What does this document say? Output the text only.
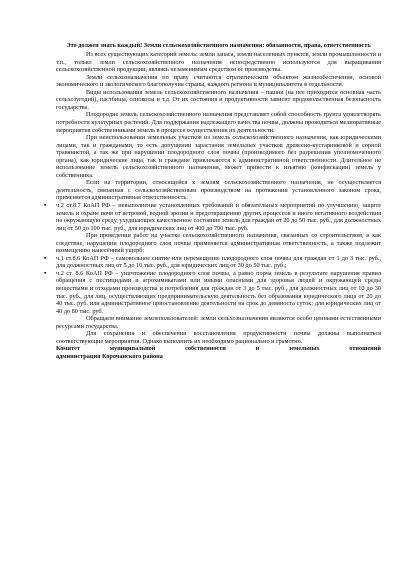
Это должен знать каждый! Земли сельскохозяйственного назначения: обязанности, права, ответственность

Из всех существующих категорий земель: земли запаса, земли населенных пунктов, земли промышленности и т.п., только земли сельскохозяйственного назначения непосредственно используются для выращивания сельскохозяйственной продукции, являясь незаменимым средством ее производства.

Земли сельхозназначения по праву считаются стратегическим объектом жизнеобеспечения, основой экономического и экологического благополучия страны, каждого региона и муниципалитета в отдельности.

Виды использования земель сельскохозяйственного назначения – пашня (на нее приходится основная часть сельхозугодий), пастбища, сенокосы и т.д. От их состояния и продуктивности зависит продовольственная безопасность государства.

Плодородие земель сельскохозяйственного назначения представляет собой способность грунта удовлетворять потребности культурных растений. Для поддержания надлежащего качества почвы, должны проводиться мелиоративные мероприятия собственниками земель в процессе осуществления их деятельности.

При неиспользовании земельных участков из земель сельскохозяйственного назначения, как юридическими лицами, так и гражданами, то есть допущении зарастания земельных участков древесно-кустарниковой и сорной травянистой, а так же при нарушении плодородного слоя почвы (производимого без разрешения уполномоченного органа), как юридические лица, так и граждане привлекаются к административной ответственности. Длительное не использование земель сельскохозяйственного назначения, может привести к изъятию (конфискации) земель у собственника.

Если на территории, относящейся к землям сельскохозяйственного назначения, не осуществляется деятельность, связанная с сельскохозяйственным производством на протяжении установленного законом срока, применяется административная ответственность:

▪ ч.2 ст.8.7 КоАП РФ – невыполнение установленных требований и обязательных мероприятий по улучшению, защите земель и охране почв от ветровой, водной эрозии и предотвращению других процессов и иного негативного воздействия на окружающую среду, ухудшающих качественное состояние земель для граждан от 20 до 50 тыс. руб., для должностных лиц от 50 до 100 тыс. руб., для юридических лиц от 400 до 700 тыс. руб.

При проведении работ на участке сельскохозяйственного назначения, связанных со строительством, и как следствие, нарушении плодородного слоя почвы применяется административная ответственность, а также подлежит возмещению нанесённый ущерб:

▪ ч.1 ст.8.6 КоАП РФ – самовольное снятие или перемещение плодородного слоя почвы для граждан от 1 до 3 тыс. руб., для должностных лиц от 5 до 10 тыс. руб., для юридических лиц от 30 до 50 тыс. руб.;
▪ ч.2 ст. 8.6 КоАП РФ – уничтожение плодородного слоя почвы, а равно порча земель в результате нарушения правил обращения с пестицидами и агрохимикатами или иными опасными для здоровья людей и окружающей среды веществами и отходами производства и потребления для граждан от 3 до 5 тыс. руб., для должностных лиц от 10 до 30 тыс. руб., для лиц, осуществляющих предпринимательскую деятельность без образования юридического лица от 20 до 40 тыс. руб. или административное приостановление деятельности на срок до девяноста суток; для юридических лиц от 40 до 80 тыс. руб.

Обращаем внимание землепользователей: земли сельхозназначения являются особо ценными естественными ресурсами государства.

Для сохранения и обеспечения восстановления продуктивности почвы должны выполняться соответствующие мероприятия. Однако выполнить их необходимо рационально и грамотно.

Комитет	муниципальной	собственности	и	земельных	отношений
администрация Корочанского района
